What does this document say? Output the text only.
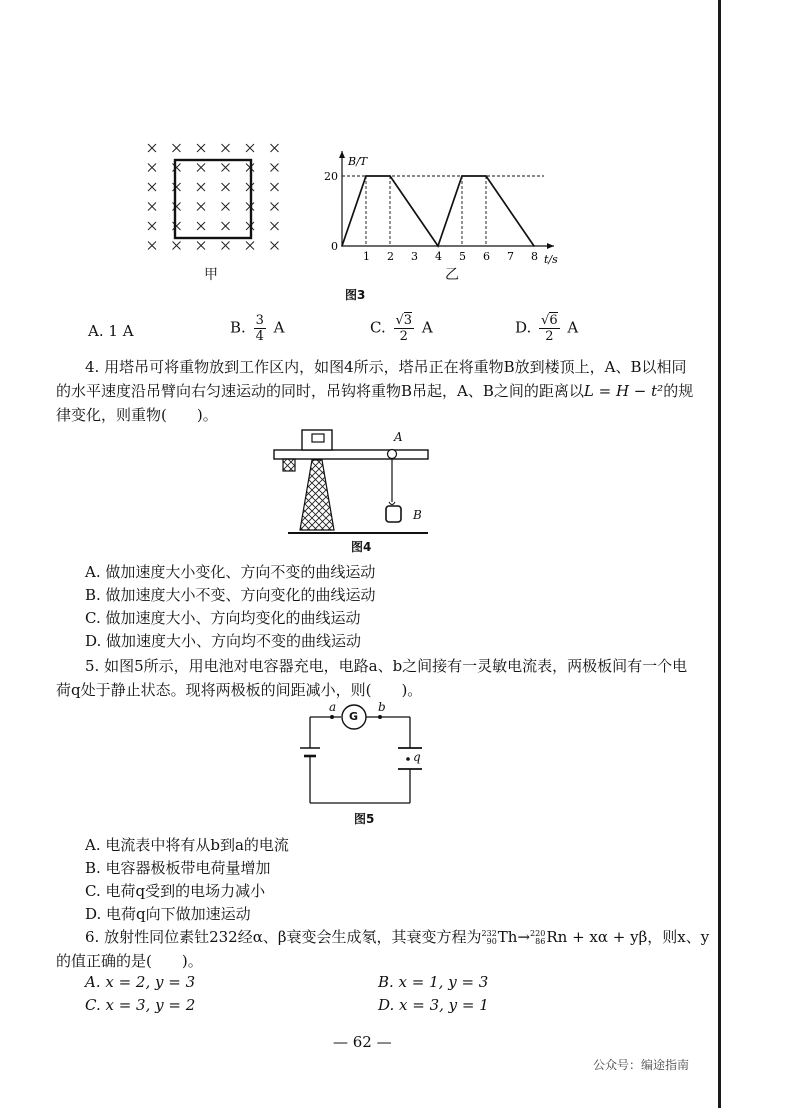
甲
B/T
t/s
1 2 3 4 5 6 7 8
0
20
乙
图3
A. 1 A	B. $\frac{3}{4}$ A	C. $\frac{√3}{2}$ A	D. $\frac{√6}{2}$ A
4. 用塔吊可将重物放到工作区内，如图4所示，塔吊正在将重物B放到楼顶上，A、B以相同
的水平速度沿吊臂向右匀速运动的同时，吊钩将重物B吊起，A、B之间的距离以L = H − t²的规
律变化，则重物(　　)。
A
B
图4
A. 做加速度大小变化、方向不变的曲线运动
B. 做加速度大小不变、方向变化的曲线运动
C. 做加速度大小、方向均变化的曲线运动
D. 做加速度大小、方向均不变的曲线运动
5. 如图5所示，用电池对电容器充电，电路a、b之间接有一灵敏电流表，两极板间有一个电
荷q处于静止状态。现将两极板的间距减小，则(　　)。
a	b
G
q
图5
A. 电流表中将有从b到a的电流
B. 电容器极板带电荷量增加
C. 电荷q受到的电场力减小
D. 电荷q向下做加速运动
6. 放射性同位素钍232经α、β衰变会生成氡，其衰变方程为 232
90 Th→ 220
86 Rn + xα + yβ，则x、y
的值正确的是(　　)。
A. x = 2, y = 3	B. x = 1, y = 3
C. x = 3, y = 2	D. x = 3, y = 1
— 62 —
公众号：编途指南
